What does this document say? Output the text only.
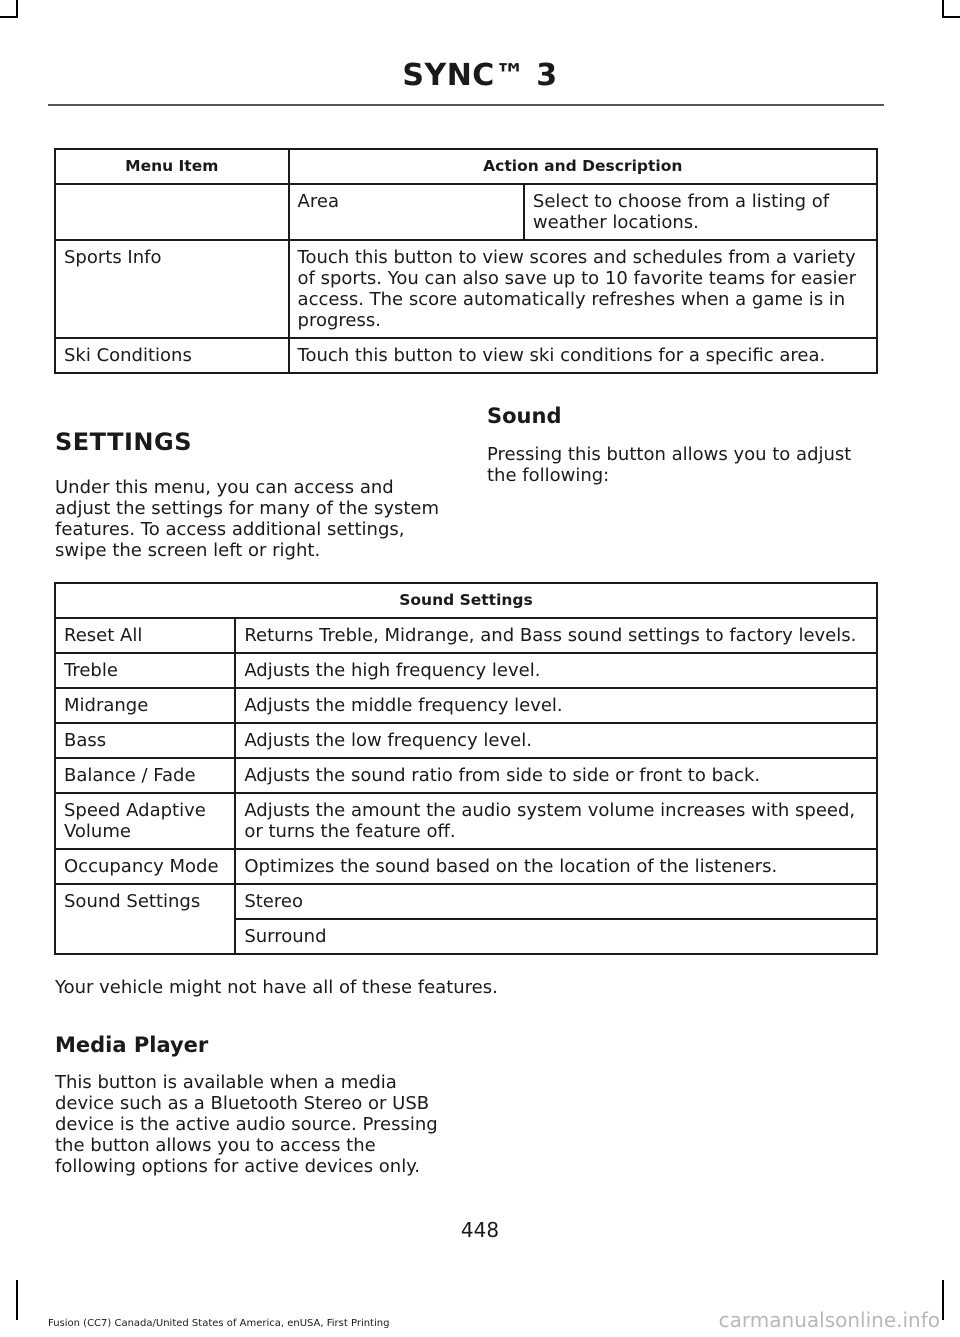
SYNC™ 3
Menu Item	Action and Description	
	Area	Select to choose from a listing of weather locations.
Sports Info	Touch this button to view scores and schedules from a variety of sports. You can also save up to 10 favorite teams for easier access. The score automatically refreshes when a game is in progress.	
Ski Conditions	Touch this button to view ski conditions for a specific area.	
SETTINGS
Under this menu, you can access and adjust the settings for many of the system features. To access additional settings, swipe the screen left or right.
Sound
Pressing this button allows you to adjust the following:
Sound Settings	
Reset All	Returns Treble, Midrange, and Bass sound settings to factory levels.
Treble	Adjusts the high frequency level.
Midrange	Adjusts the middle frequency level.
Bass	Adjusts the low frequency level.
Balance / Fade	Adjusts the sound ratio from side to side or front to back.
Speed Adaptive Volume	Adjusts the amount the audio system volume increases with speed, or turns the feature off.
Occupancy Mode	Optimizes the sound based on the location of the listeners.
Sound Settings	Stereo
	Surround
Your vehicle might not have all of these features.
Media Player
This button is available when a media device such as a Bluetooth Stereo or USB device is the active audio source. Pressing the button allows you to access the following options for active devices only.
448
Fusion (CC7) Canada/United States of America, enUSA, First Printing	carmanualsonline.info
